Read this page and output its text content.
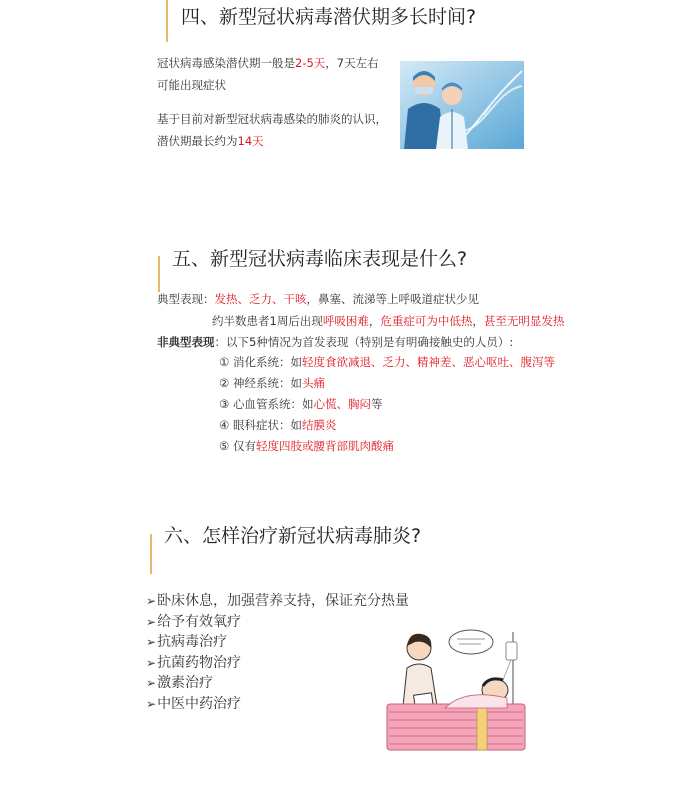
四、新型冠状病毒潜伏期多长时间?
冠状病毒感染潜伏期一般是2-5天，7天左右
可能出现症状
基于目前对新型冠状病毒感染的肺炎的认识，
潜伏期最长约为14天
五、新型冠状病毒临床表现是什么?
典型表现：发热、乏力、干咳，鼻塞、流涕等上呼吸道症状少见
约半数患者1周后出现呼吸困难，危重症可为中低热，甚至无明显发热
非典型表现：以下5种情况为首发表现（特别是有明确接触史的人员）:
① 消化系统：如轻度食欲减退、乏力、精神差、恶心呕吐、腹泻等
② 神经系统：如头痛
③ 心血管系统：如心慌、胸闷等
④ 眼科症状：如结膜炎
⑤ 仅有轻度四肢或腰背部肌肉酸痛
六、怎样治疗新冠状病毒肺炎?
➢卧床休息，加强营养支持，保证充分热量
➢给予有效氧疗
➢抗病毒治疗
➢抗菌药物治疗
➢激素治疗
➢中医中药治疗
